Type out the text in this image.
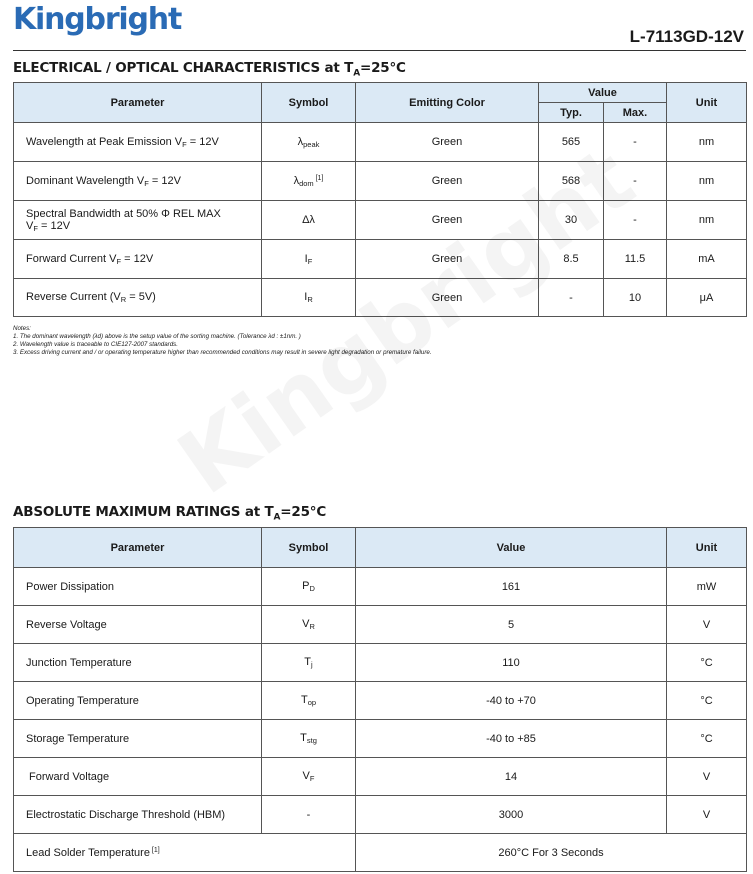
Kingbright	L-7113GD-12V
ELECTRICAL / OPTICAL CHARACTERISTICS at $T_A=25^\circ C$
Parameter	Symbol	Emitting Color	Value		Unit
			Typ.	Max.	
Wavelength at Peak Emission $V_F = 12V$	$\lambda_{peak}$	Green	565	-	nm
Dominant Wavelength $V_F = 12V$	$\lambda_{dom}$ [1]	Green	568	-	nm
Spectral Bandwidth at 50% Φ REL MAX
$V_F = 12V$	Δλ	Green	30	-	nm
Forward Current $V_F = 12V$	$I_F$	Green	8.5	11.5	mA
Reverse Current $(V_R = 5V)$	$I_R$	Green	-	10	μA
Notes:
1. The dominant wavelength (λd) above is the setup value of the sorting machine. (Tolerance λd : ±1nm. )
2. Wavelength value is traceable to CIE127-2007 standards.
3. Excess driving current and / or operating temperature higher than recommended conditions may result in severe light degradation or premature failure.
ABSOLUTE MAXIMUM RATINGS at $T_A=25^\circ C$
Parameter	Symbol	Value	Unit
Power Dissipation	$P_D$	161	mW
Reverse Voltage	$V_R$	5	V
Junction Temperature	$T_j$	110	°C
Operating Temperature	$T_{op}$	-40 to +70	°C
Storage Temperature	$T_{stg}$	-40 to +85	°C
Forward Voltage	$V_F$	14	V
Electrostatic Discharge Threshold (HBM)	-	3000	V
Lead Solder Temperature [1]		260°C For 3 Seconds	
